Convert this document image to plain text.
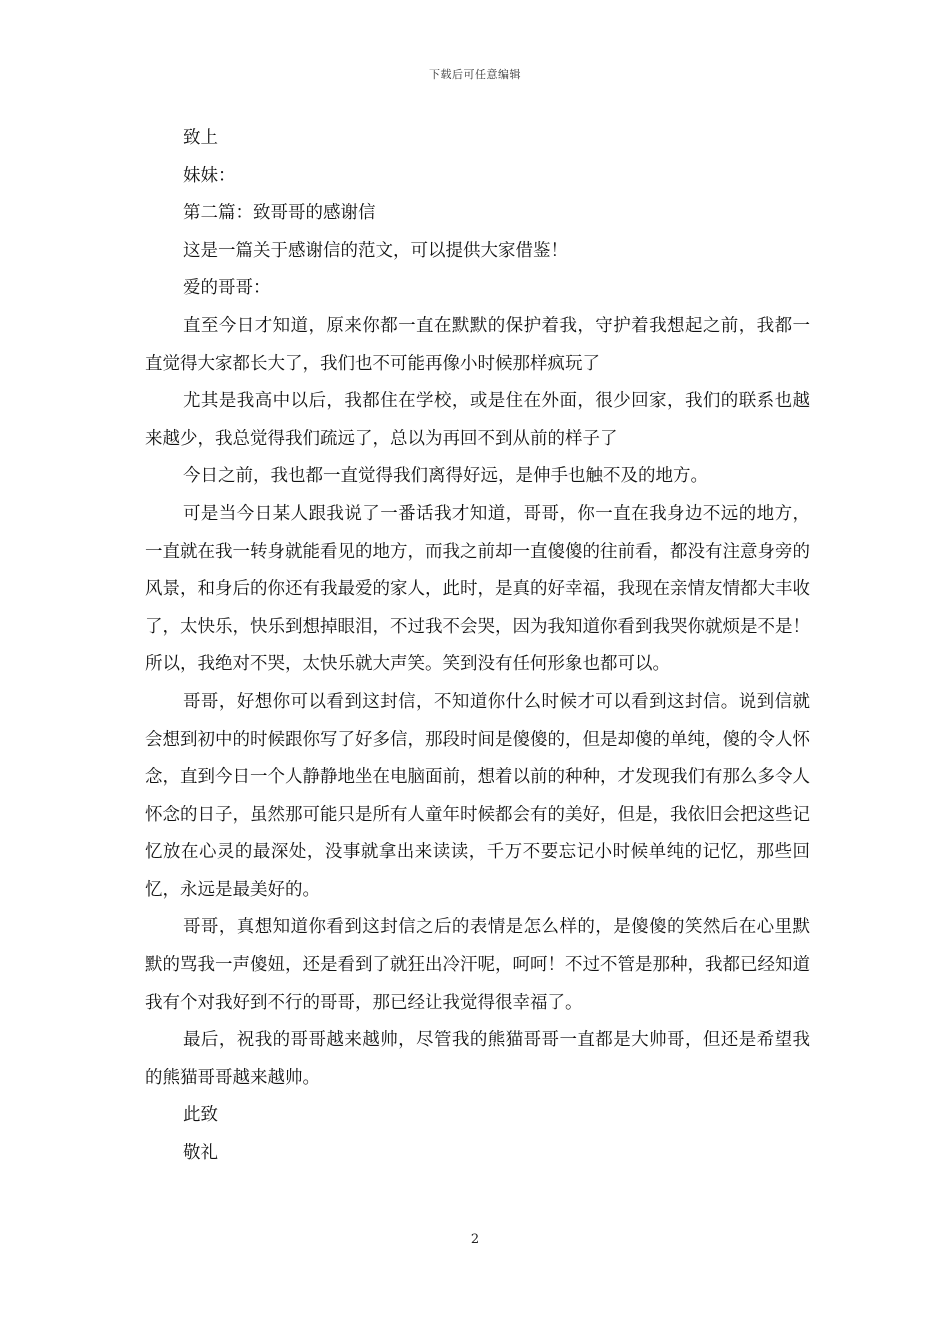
下载后可任意编辑

致上

妹妹：

第二篇：致哥哥的感谢信

这是一篇关于感谢信的范文，可以提供大家借鉴！

爱的哥哥：

直至今日才知道，原来你都一直在默默的保护着我，守护着我想起之前，我都一直觉得大家都长大了，我们也不可能再像小时候那样疯玩了

尤其是我高中以后，我都住在学校，或是住在外面，很少回家，我们的联系也越来越少，我总觉得我们疏远了，总以为再回不到从前的样子了

今日之前，我也都一直觉得我们离得好远，是伸手也触不及的地方。

可是当今日某人跟我说了一番话我才知道，哥哥，你一直在我身边不远的地方，一直就在我一转身就能看见的地方，而我之前却一直傻傻的往前看，都没有注意身旁的风景，和身后的你还有我最爱的家人，此时，是真的好幸福，我现在亲情友情都大丰收了，太快乐，快乐到想掉眼泪，不过我不会哭，因为我知道你看到我哭你就烦是不是！所以，我绝对不哭，太快乐就大声笑。笑到没有任何形象也都可以。

哥哥，好想你可以看到这封信，不知道你什么时候才可以看到这封信。说到信就会想到初中的时候跟你写了好多信，那段时间是傻傻的，但是却傻的单纯，傻的令人怀念，直到今日一个人静静地坐在电脑面前，想着以前的种种，才发现我们有那么多令人怀念的日子，虽然那可能只是所有人童年时候都会有的美好，但是，我依旧会把这些记忆放在心灵的最深处，没事就拿出来读读，千万不要忘记小时候单纯的记忆，那些回忆，永远是最美好的。

哥哥，真想知道你看到这封信之后的表情是怎么样的，是傻傻的笑然后在心里默默的骂我一声傻妞，还是看到了就狂出冷汗呢，呵呵！不过不管是那种，我都已经知道我有个对我好到不行的哥哥，那已经让我觉得很幸福了。

最后，祝我的哥哥越来越帅，尽管我的熊猫哥哥一直都是大帅哥，但还是希望我的熊猫哥哥越来越帅。

此致

敬礼

2
